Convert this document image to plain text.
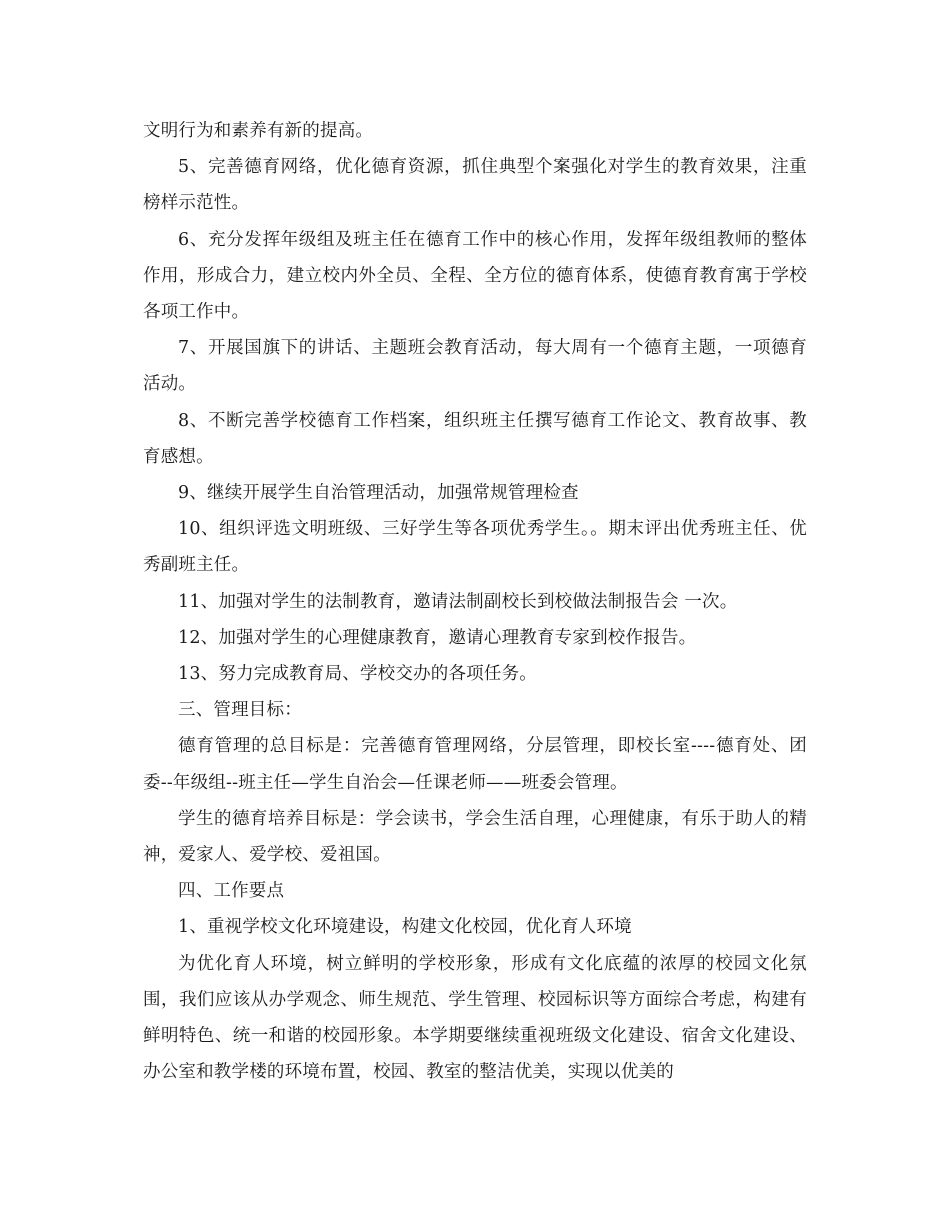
文明行为和素养有新的提高。

5、完善德育网络，优化德育资源，抓住典型个案强化对学生的教育效果，注重榜样示范性。

6、充分发挥年级组及班主任在德育工作中的核心作用，发挥年级组教师的整体作用，形成合力，建立校内外全员、全程、全方位的德育体系，使德育教育寓于学校各项工作中。

7、开展国旗下的讲话、主题班会教育活动，每大周有一个德育主题，一项德育活动。

8、不断完善学校德育工作档案，组织班主任撰写德育工作论文、教育故事、教育感想。

9、继续开展学生自治管理活动，加强常规管理检查

10、组织评选文明班级、三好学生等各项优秀学生。。期末评出优秀班主任、优秀副班主任。

11、加强对学生的法制教育，邀请法制副校长到校做法制报告会 一次。

12、加强对学生的心理健康教育，邀请心理教育专家到校作报告。

13、努力完成教育局、学校交办的各项任务。

三、管理目标：

德育管理的总目标是：完善德育管理网络，分层管理，即校长室----德育处、团委--年级组--班主任—学生自治会—任课老师——班委会管理。

学生的德育培养目标是：学会读书，学会生活自理，心理健康，有乐于助人的精神，爱家人、爱学校、爱祖国。

四、工作要点

1、重视学校文化环境建设，构建文化校园，优化育人环境

为优化育人环境，树立鲜明的学校形象，形成有文化底蕴的浓厚的校园文化氛围，我们应该从办学观念、师生规范、学生管理、校园标识等方面综合考虑，构建有鲜明特色、统一和谐的校园形象。本学期要继续重视班级文化建设、宿舍文化建设、办公室和教学楼的环境布置，校园、教室的整洁优美，实现以优美的
